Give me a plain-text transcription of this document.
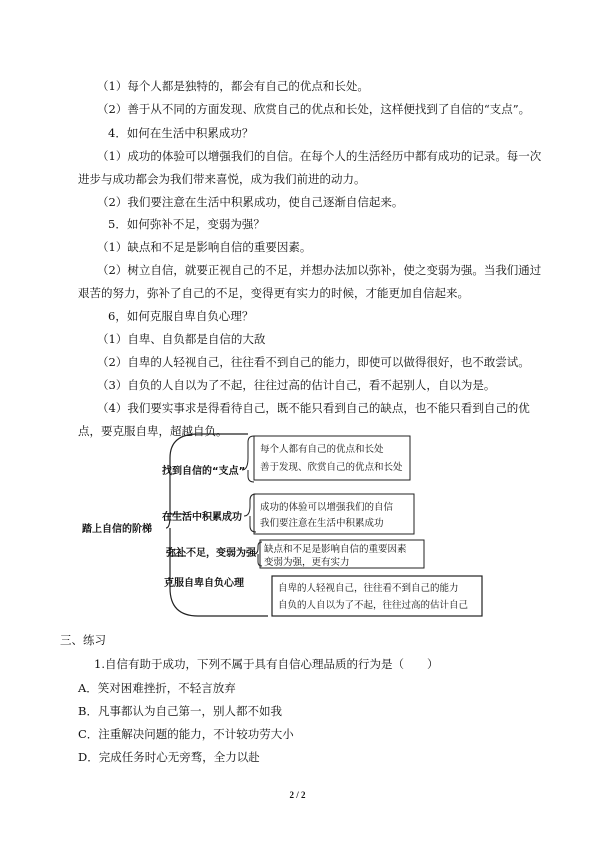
（1）每个人都是独特的，都会有自己的优点和长处。
（2）善于从不同的方面发现、欣赏自己的优点和长处，这样便找到了自信的“支点”。
4．如何在生活中积累成功？
（1）成功的体验可以增强我们的自信。在每个人的生活经历中都有成功的记录。每一次
进步与成功都会为我们带来喜悦，成为我们前进的动力。
（2）我们要注意在生活中积累成功，使自己逐渐自信起来。
5．如何弥补不足，变弱为强？
（1）缺点和不足是影响自信的重要因素。
（2）树立自信，就要正视自己的不足，并想办法加以弥补，使之变弱为强。当我们通过
艰苦的努力，弥补了自己的不足，变得更有实力的时候，才能更加自信起来。
6，如何克服自卑自负心理？
（1）自卑、自负都是自信的大敌
（2）自卑的人轻视自己，往往看不到自己的能力，即使可以做得很好，也不敢尝试。
（3）自负的人自以为了不起，往往过高的估计自己，看不起别人，自以为是。
（4）我们要实事求是得看待自己，既不能只看到自己的缺点，也不能只看到自己的优
点，要克服自卑，超越自负。
踏上自信的阶梯
找到自信的“支点”
在生活中积累成功
弥补不足，变弱为强
克服自卑自负心理
每个人都有自己的优点和长处
善于发现、欣赏自己的优点和长处
成功的体验可以增强我们的自信
我们要注意在生活中积累成功
缺点和不足是影响自信的重要因素
变弱为强，更有实力
自卑的人轻视自己，往往看不到自己的能力
自负的人自以为了不起，往往过高的估计自己
三、练习
1.自信有助于成功，下列不属于具有自信心理品质的行为是（　　）
A．笑对困难挫折，不轻言放弃
B．凡事都认为自己第一，别人都不如我
C．注重解决问题的能力，不计较功劳大小
D．完成任务时心无旁骛，全力以赴
2 / 2
